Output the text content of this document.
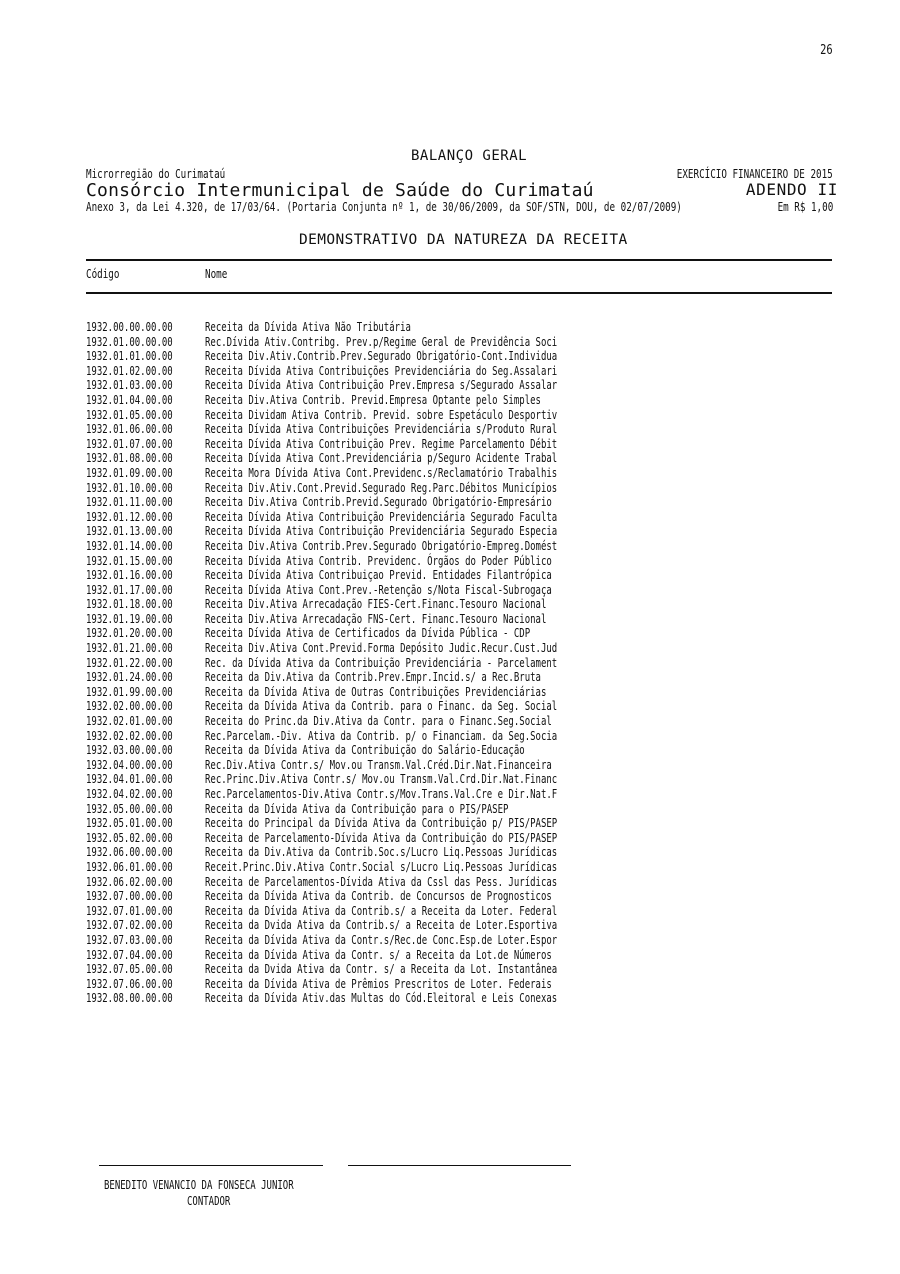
26
BALANÇO GERAL
Microrregião do Curimataú	EXERCÍCIO FINANCEIRO DE 2015
Consórcio Intermunicipal de Saúde do Curimataú	ADENDO II
Anexo 3, da Lei 4.320, de 17/03/64. (Portaria Conjunta nº 1, de 30/06/2009, da SOF/STN, DOU, de 02/07/2009)	Em R$ 1,00
DEMONSTRATIVO DA NATUREZA DA RECEITA
Código	Nome
1932.00.00.00.00	Receita da Dívida Ativa Não Tributária
1932.01.00.00.00	Rec.Dívida Ativ.Contribg. Prev.p/Regime Geral de Previdência Soci
1932.01.01.00.00	Receita Div.Ativ.Contrib.Prev.Segurado Obrigatório-Cont.Individua
1932.01.02.00.00	Receita Dívida Ativa Contribuições Previdenciária do Seg.Assalari
1932.01.03.00.00	Receita Dívida Ativa Contribuição Prev.Empresa s/Segurado Assalar
1932.01.04.00.00	Receita Div.Ativa Contrib. Previd.Empresa Optante pelo Simples
1932.01.05.00.00	Receita Dividam Ativa Contrib. Previd. sobre Espetáculo Desportiv
1932.01.06.00.00	Receita Dívida Ativa Contribuições Previdenciária s/Produto Rural
1932.01.07.00.00	Receita Dívida Ativa Contribuição Prev. Regime Parcelamento Débit
1932.01.08.00.00	Receita Dívida Ativa Cont.Previdenciária p/Seguro Acidente Trabal
1932.01.09.00.00	Receita Mora Dívida Ativa Cont.Previdenc.s/Reclamatório Trabalhis
1932.01.10.00.00	Receita Div.Ativ.Cont.Previd.Segurado Reg.Parc.Débitos Municípios
1932.01.11.00.00	Receita Div.Ativa Contrib.Previd.Segurado Obrigatório-Empresário
1932.01.12.00.00	Receita Dívida Ativa Contribuição Previdenciária Segurado Faculta
1932.01.13.00.00	Receita Dívida Ativa Contribuição Previdenciária Segurado Especia
1932.01.14.00.00	Receita Div.Ativa Contrib.Prev.Segurado Obrigatório-Empreg.Domést
1932.01.15.00.00	Receita Dívida Ativa Contrib. Previdenc. Órgãos do Poder Público
1932.01.16.00.00	Receita Dívida Ativa Contribuiçao Previd. Entidades Filantrópica
1932.01.17.00.00	Receita Dívida Ativa Cont.Prev.-Retenção s/Nota Fiscal-Subrogaça
1932.01.18.00.00	Receita Div.Ativa Arrecadação FIES-Cert.Financ.Tesouro Nacional
1932.01.19.00.00	Receita Div.Ativa Arrecadação FNS-Cert. Financ.Tesouro Nacional
1932.01.20.00.00	Receita Dívida Ativa de Certificados da Dívida Pública - CDP
1932.01.21.00.00	Receita Div.Ativa Cont.Previd.Forma Depósito Judic.Recur.Cust.Jud
1932.01.22.00.00	Rec. da Dívida Ativa da Contribuição Previdenciária - Parcelament
1932.01.24.00.00	Receita da Div.Ativa da Contrib.Prev.Empr.Incid.s/ a Rec.Bruta
1932.01.99.00.00	Receita da Dívida Ativa de Outras Contribuições Previdenciárias
1932.02.00.00.00	Receita da Dívida Ativa da Contrib. para o Financ. da Seg. Social
1932.02.01.00.00	Receita do Princ.da Div.Ativa da Contr. para o Financ.Seg.Social
1932.02.02.00.00	Rec.Parcelam.-Div. Ativa da Contrib. p/ o Financiam. da Seg.Socia
1932.03.00.00.00	Receita da Dívida Ativa da Contribuição do Salário-Educação
1932.04.00.00.00	Rec.Div.Ativa Contr.s/ Mov.ou Transm.Val.Créd.Dir.Nat.Financeira
1932.04.01.00.00	Rec.Princ.Div.Ativa Contr.s/ Mov.ou Transm.Val.Crd.Dir.Nat.Financ
1932.04.02.00.00	Rec.Parcelamentos-Div.Ativa Contr.s/Mov.Trans.Val.Cre e Dir.Nat.F
1932.05.00.00.00	Receita da Dívida Ativa da Contribuição para o PIS/PASEP
1932.05.01.00.00	Receita do Principal da Dívida Ativa da Contribuição p/ PIS/PASEP
1932.05.02.00.00	Receita de Parcelamento-Dívida Ativa da Contribuição do PIS/PASEP
1932.06.00.00.00	Receita da Div.Ativa da Contrib.Soc.s/Lucro Liq.Pessoas Jurídicas
1932.06.01.00.00	Receit.Princ.Div.Ativa Contr.Social s/Lucro Liq.Pessoas Jurídicas
1932.06.02.00.00	Receita de Parcelamentos-Dívida Ativa da Cssl das Pess. Jurídicas
1932.07.00.00.00	Receita da Dívida Ativa da Contrib. de Concursos de Prognosticos
1932.07.01.00.00	Receita da Dívida Ativa da Contrib.s/ a Receita da Loter. Federal
1932.07.02.00.00	Receita da Dvida Ativa da Contrib.s/ a Receita de Loter.Esportiva
1932.07.03.00.00	Receita da Dívida Ativa da Contr.s/Rec.de Conc.Esp.de Loter.Espor
1932.07.04.00.00	Receita da Dívida Ativa da Contr. s/ a Receita da Lot.de Números
1932.07.05.00.00	Receita da Dvida Ativa da Contr. s/ a Receita da Lot. Instantânea
1932.07.06.00.00	Receita da Dívida Ativa de Prêmios Prescritos de Loter. Federais
1932.08.00.00.00	Receita da Dívida Ativ.das Multas do Cód.Eleitoral e Leis Conexas
BENEDITO VENANCIO DA FONSECA JUNIOR
CONTADOR
